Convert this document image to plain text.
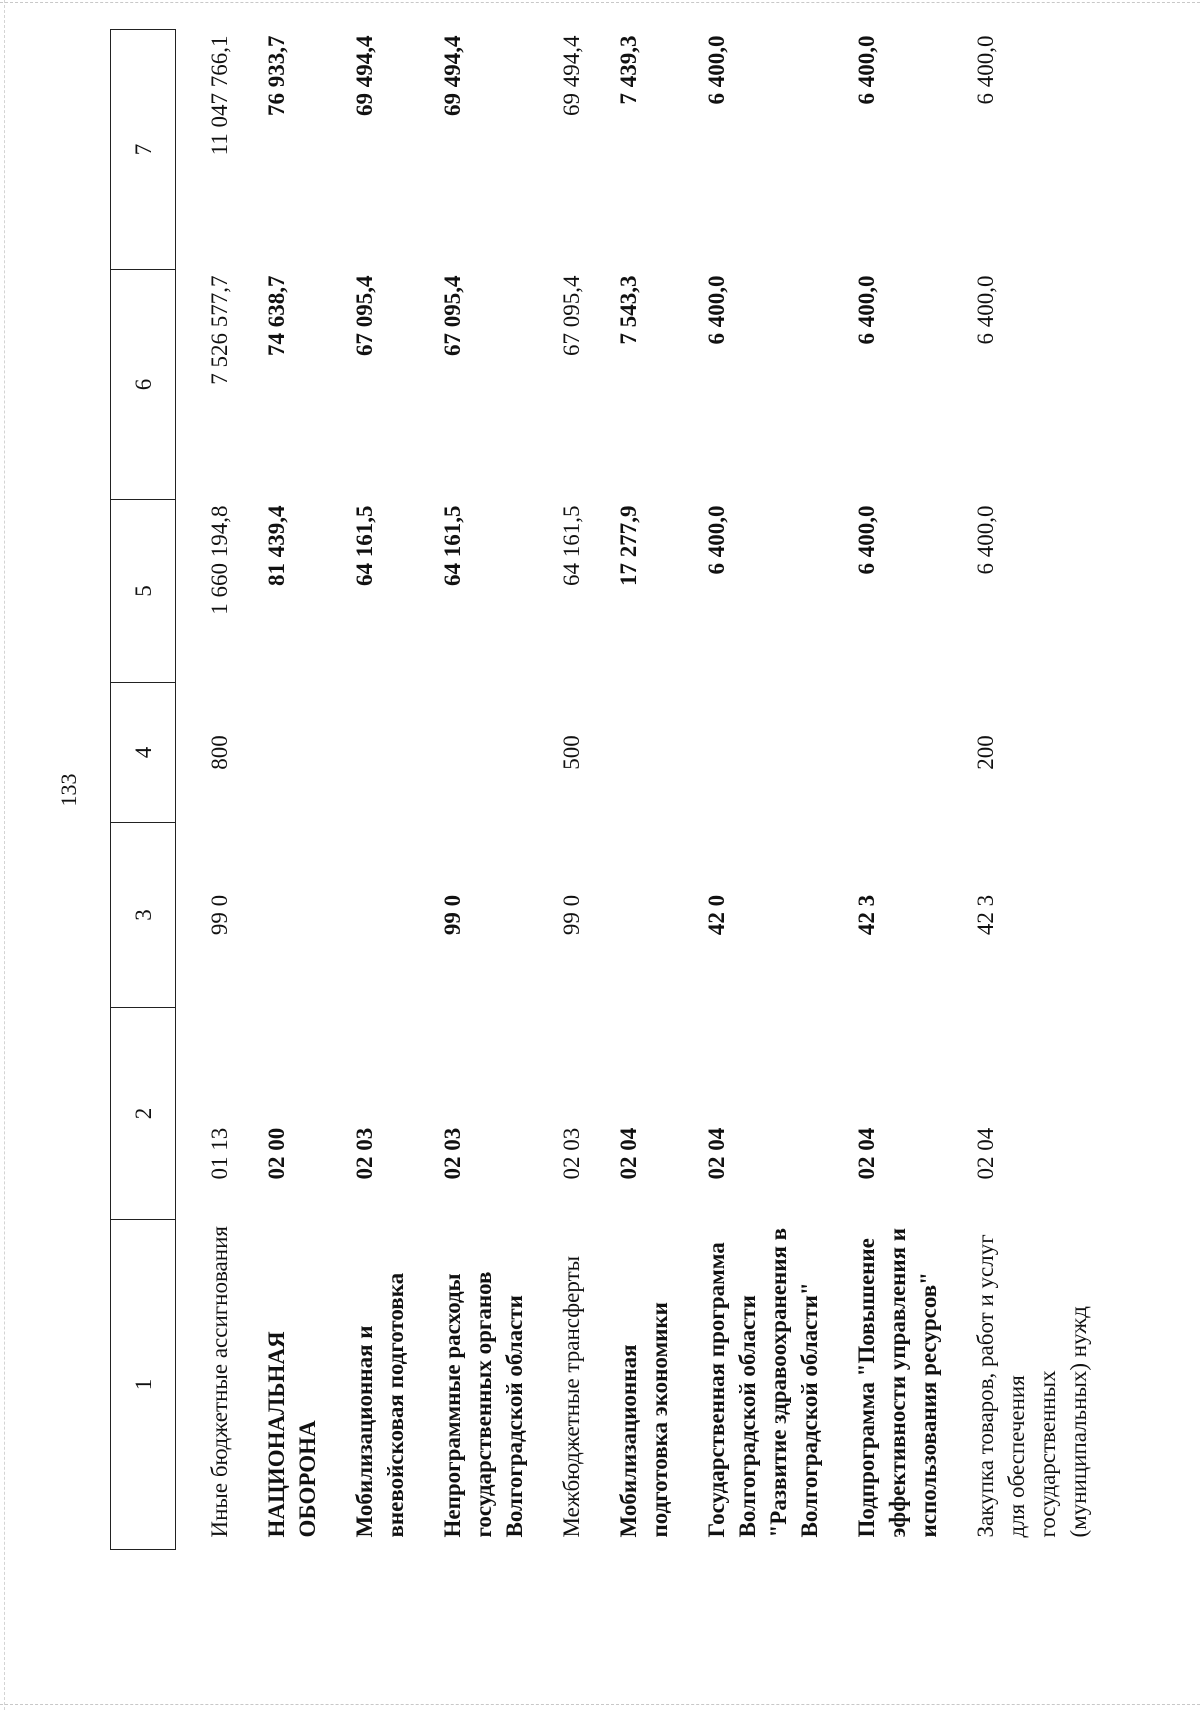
133
1	2	3	4	5	6	7
Иные бюджетные ассигнования	01 13	99 0	800	1 660 194,8	7 526 577,7	11 047 766,1
НАЦИОНАЛЬНАЯ ОБОРОНА	02 00			81 439,4	74 638,7	76 933,7
Мобилизационная и вневойсковая подготовка	02 03			64 161,5	67 095,4	69 494,4
Непрограммные расходы государственных органов Волгоградской области	02 03	99 0		64 161,5	67 095,4	69 494,4
Межбюджетные трансферты	02 03	99 0	500	64 161,5	67 095,4	69 494,4
Мобилизационная подготовка экономики	02 04			17 277,9	7 543,3	7 439,3
Государственная программа Волгоградской области "Развитие здравоохранения в Волгоградской области"	02 04	42 0		6 400,0	6 400,0	6 400,0
Подпрограмма "Повышение эффективности управления и использования ресурсов"	02 04	42 3		6 400,0	6 400,0	6 400,0
Закупка товаров, работ и услуг для обеспечения государственных (муниципальных) нужд	02 04	42 3	200	6 400,0	6 400,0	6 400,0
